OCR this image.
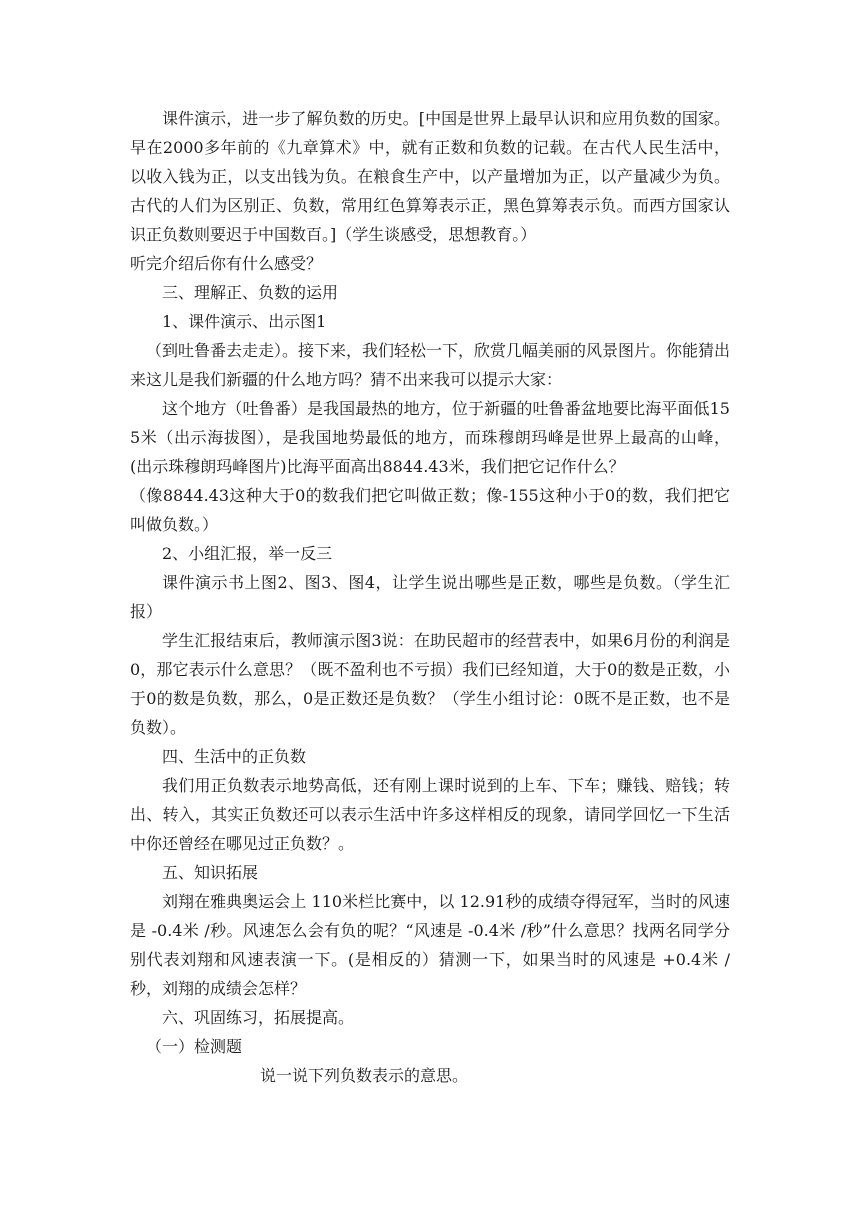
课件演示，进一步了解负数的历史。[中国是世界上最早认识和应用负数的国家。早在2000多年前的《九章算术》中，就有正数和负数的记载。在古代人民生活中，以收入钱为正，以支出钱为负。在粮食生产中，以产量增加为正，以产量减少为负。古代的人们为区别正、负数，常用红色算筹表示正，黑色算筹表示负。而西方国家认识正负数则要迟于中国数百。]（学生谈感受，思想教育。）

听完介绍后你有什么感受？

三、理解正、负数的运用

1、课件演示、出示图1

（到吐鲁番去走走）。接下来，我们轻松一下，欣赏几幅美丽的风景图片。你能猜出来这儿是我们新疆的什么地方吗？猜不出来我可以提示大家：

这个地方（吐鲁番）是我国最热的地方，位于新疆的吐鲁番盆地要比海平面低155米（出示海拔图），是我国地势最低的地方，而珠穆朗玛峰是世界上最高的山峰，(出示珠穆朗玛峰图片)比海平面高出8844.43米，我们把它记作什么？

（像8844.43这种大于0的数我们把它叫做正数；像-155这种小于0的数，我们把它叫做负数。）

2、小组汇报，举一反三

课件演示书上图2、图3、图4，让学生说出哪些是正数，哪些是负数。（学生汇报）

学生汇报结束后，教师演示图3说：在助民超市的经营表中，如果6月份的利润是0，那它表示什么意思？（既不盈利也不亏损）我们已经知道，大于0的数是正数，小于0的数是负数，那么，0是正数还是负数？（学生小组讨论：0既不是正数，也不是负数）。

四、生活中的正负数

我们用正负数表示地势高低，还有刚上课时说到的上车、下车；赚钱、赔钱；转出、转入，其实正负数还可以表示生活中许多这样相反的现象，请同学回忆一下生活中你还曾经在哪见过正负数？。

五、知识拓展

刘翔在雅典奥运会上 110米栏比赛中，以 12.91秒的成绩夺得冠军，当时的风速是 -0.4米 /秒。风速怎么会有负的呢？“风速是 -0.4米 /秒”什么意思？找两名同学分别代表刘翔和风速表演一下。(是相反的）猜测一下，如果当时的风速是 +0.4米 /秒，刘翔的成绩会怎样？

六、巩固练习，拓展提高。

（一）检测题

说一说下列负数表示的意思。
